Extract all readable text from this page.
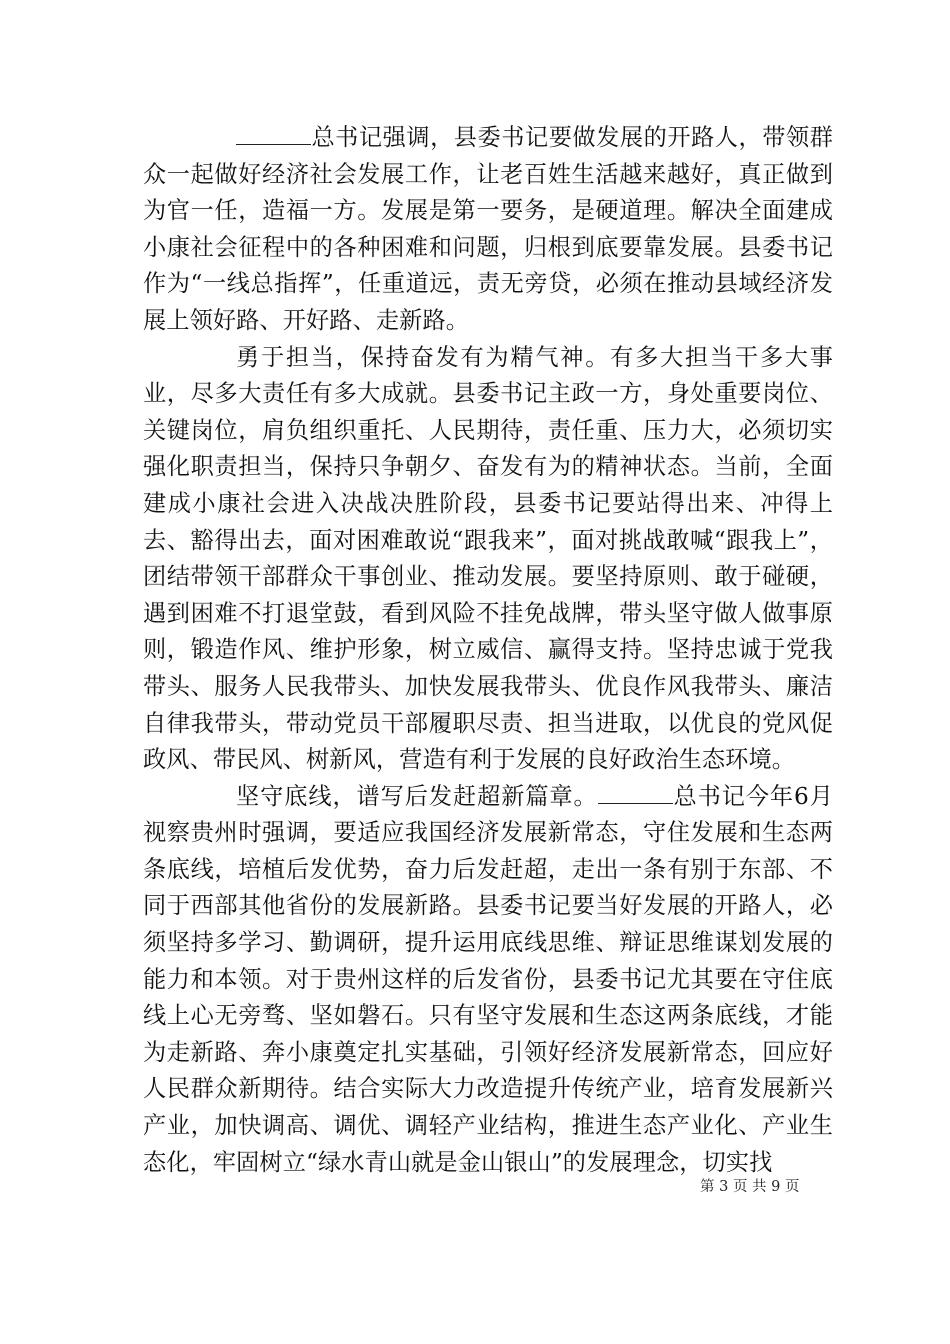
总书记强调，县委书记要做发展的开路人，带领群众一起做好经济社会发展工作，让老百姓生活越来越好，真正做到为官一任，造福一方。发展是第一要务，是硬道理。解决全面建成小康社会征程中的各种困难和问题，归根到底要靠发展。县委书记作为“一线总指挥”，任重道远，责无旁贷，必须在推动县域经济发展上领好路、开好路、走新路。

勇于担当，保持奋发有为精气神。有多大担当干多大事业，尽多大责任有多大成就。县委书记主政一方，身处重要岗位、关键岗位，肩负组织重托、人民期待，责任重、压力大，必须切实强化职责担当，保持只争朝夕、奋发有为的精神状态。当前，全面建成小康社会进入决战决胜阶段，县委书记要站得出来、冲得上去、豁得出去，面对困难敢说“跟我来”，面对挑战敢喊“跟我上”，团结带领干部群众干事创业、推动发展。要坚持原则、敢于碰硬，遇到困难不打退堂鼓，看到风险不挂免战牌，带头坚守做人做事原则，锻造作风、维护形象，树立威信、赢得支持。坚持忠诚于党我带头、服务人民我带头、加快发展我带头、优良作风我带头、廉洁自律我带头，带动党员干部履职尽责、担当进取，以优良的党风促政风、带民风、树新风，营造有利于发展的良好政治生态环境。

坚守底线，谱写后发赶超新篇章。	总书记今年6月视察贵州时强调，要适应我国经济发展新常态，守住发展和生态两条底线，培植后发优势，奋力后发赶超，走出一条有别于东部、不同于西部其他省份的发展新路。县委书记要当好发展的开路人，必须坚持多学习、勤调研，提升运用底线思维、辩证思维谋划发展的能力和本领。对于贵州这样的后发省份，县委书记尤其要在守住底线上心无旁骛、坚如磐石。只有坚守发展和生态这两条底线，才能为走新路、奔小康奠定扎实基础，引领好经济发展新常态，回应好人民群众新期待。结合实际大力改造提升传统产业，培育发展新兴产业，加快调高、调优、调轻产业结构，推进生态产业化、产业生态化，牢固树立“绿水青山就是金山银山”的发展理念，切实找

第 3 页 共 9 页
